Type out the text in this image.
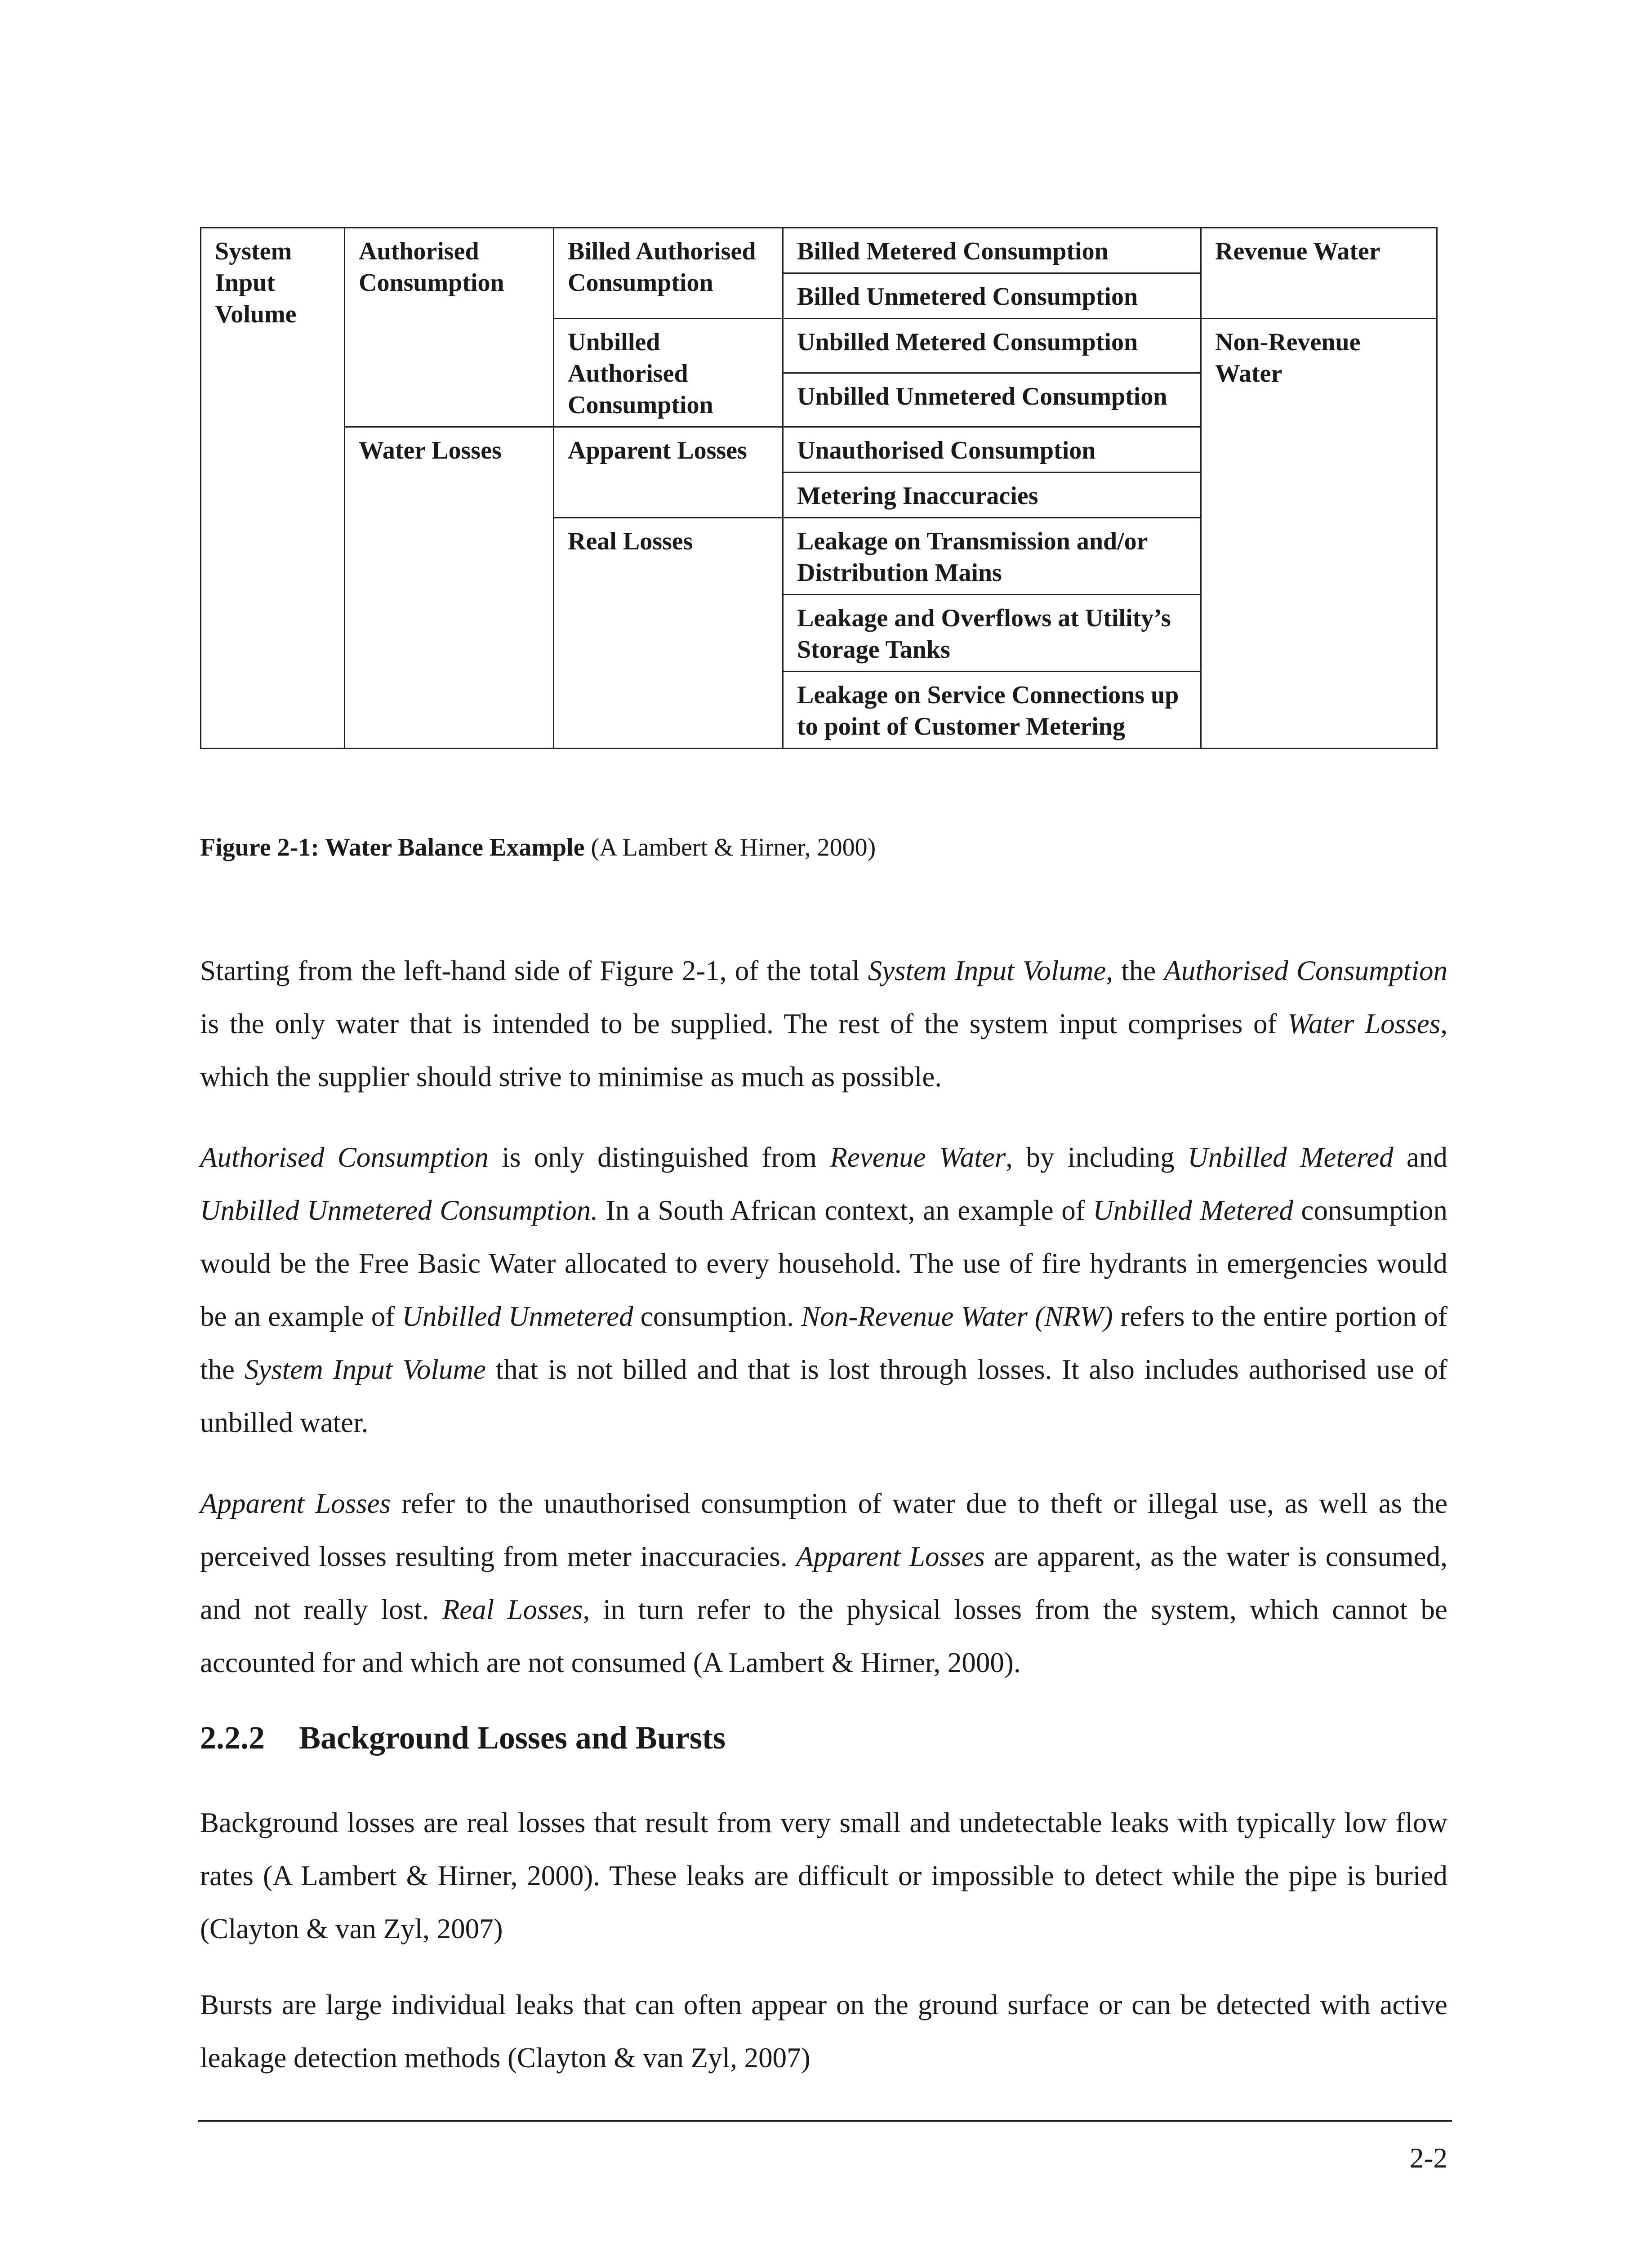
System Input Volume	Authorised Consumption	Billed Authorised Consumption	Billed Metered Consumption	Revenue Water
			Billed Unmetered Consumption	
		Unbilled Authorised Consumption	Unbilled Metered Consumption	Non-Revenue Water
			Unbilled Unmetered Consumption	
	Water Losses	Apparent Losses	Unauthorised Consumption	
			Metering Inaccuracies	
		Real Losses	Leakage on Transmission and/or Distribution Mains	
			Leakage and Overflows at Utility’s Storage Tanks	
			Leakage on Service Connections up to point of Customer Metering	

Figure 2-1: Water Balance Example (A Lambert & Hirner, 2000)

Starting from the left-hand side of Figure 2-1, of the total System Input Volume, the Authorised Consumption is the only water that is intended to be supplied. The rest of the system input comprises of Water Losses, which the supplier should strive to minimise as much as possible.

Authorised Consumption is only distinguished from Revenue Water, by including Unbilled Metered and Unbilled Unmetered Consumption. In a South African context, an example of Unbilled Metered consumption would be the Free Basic Water allocated to every household. The use of fire hydrants in emergencies would be an example of Unbilled Unmetered consumption. Non-Revenue Water (NRW) refers to the entire portion of the System Input Volume that is not billed and that is lost through losses. It also includes authorised use of unbilled water.

Apparent Losses refer to the unauthorised consumption of water due to theft or illegal use, as well as the perceived losses resulting from meter inaccuracies. Apparent Losses are apparent, as the water is consumed, and not really lost. Real Losses, in turn refer to the physical losses from the system, which cannot be accounted for and which are not consumed (A Lambert & Hirner, 2000).

2.2.2 Background Losses and Bursts

Background losses are real losses that result from very small and undetectable leaks with typically low flow rates (A Lambert & Hirner, 2000). These leaks are difficult or impossible to detect while the pipe is buried (Clayton & van Zyl, 2007)

Bursts are large individual leaks that can often appear on the ground surface or can be detected with active leakage detection methods (Clayton & van Zyl, 2007)

2-2
